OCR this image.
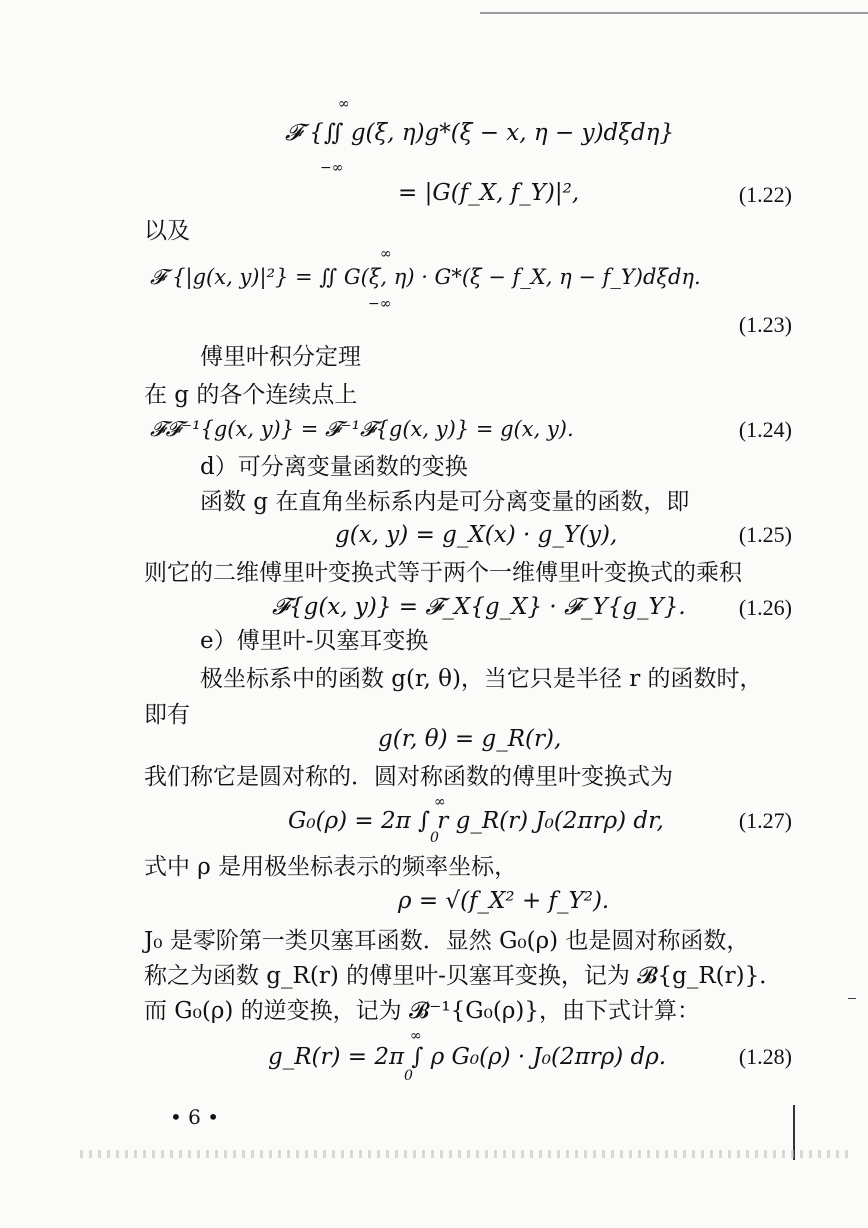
𝓕 {∬ g(ξ, η)g*(ξ − x, η − y)dξdη}
∞
−∞
= |G(f_X, f_Y)|²,	(1.22)
以及
∞
𝓕 {|g(x, y)|²} = ∬ G(ξ, η) · G*(ξ − f_X, η − f_Y)dξdη.
−∞
(1.23)
傅里叶积分定理
在 g 的各个连续点上
𝓕𝓕⁻¹{g(x, y)} = 𝓕⁻¹𝓕{g(x, y)} = g(x, y).	(1.24)
d）可分离变量函数的变换
函数 g 在直角坐标系内是可分离变量的函数，即
g(x, y) = g_X(x) · g_Y(y),	(1.25)
则它的二维傅里叶变换式等于两个一维傅里叶变换式的乘积
𝓕{g(x, y)} = 𝓕_X{g_X} · 𝓕_Y{g_Y}. (1.26)
e）傅里叶-贝塞耳变换
极坐标系中的函数 g(r, θ)，当它只是半径 r 的函数时，
即有
g(r, θ) = g_R(r),
我们称它是圆对称的．圆对称函数的傅里叶变换式为
∞
G₀(ρ) = 2π ∫ r g_R(r) J₀(2πrρ) dr,
0
(1.27)
式中 ρ 是用极坐标表示的频率坐标，
ρ = √(f_X² + f_Y²).
J₀ 是零阶第一类贝塞耳函数．显然 G₀(ρ) 也是圆对称函数，
称之为函数 g_R(r) 的傅里叶-贝塞耳变换，记为 𝓑{g_R(r)}．
而 G₀(ρ) 的逆变换，记为 𝓑⁻¹{G₀(ρ)}，由下式计算：
∞
g_R(r) = 2π ∫ ρ G₀(ρ) · J₀(2πrρ) dρ.
0
(1.28)
• 6 •
